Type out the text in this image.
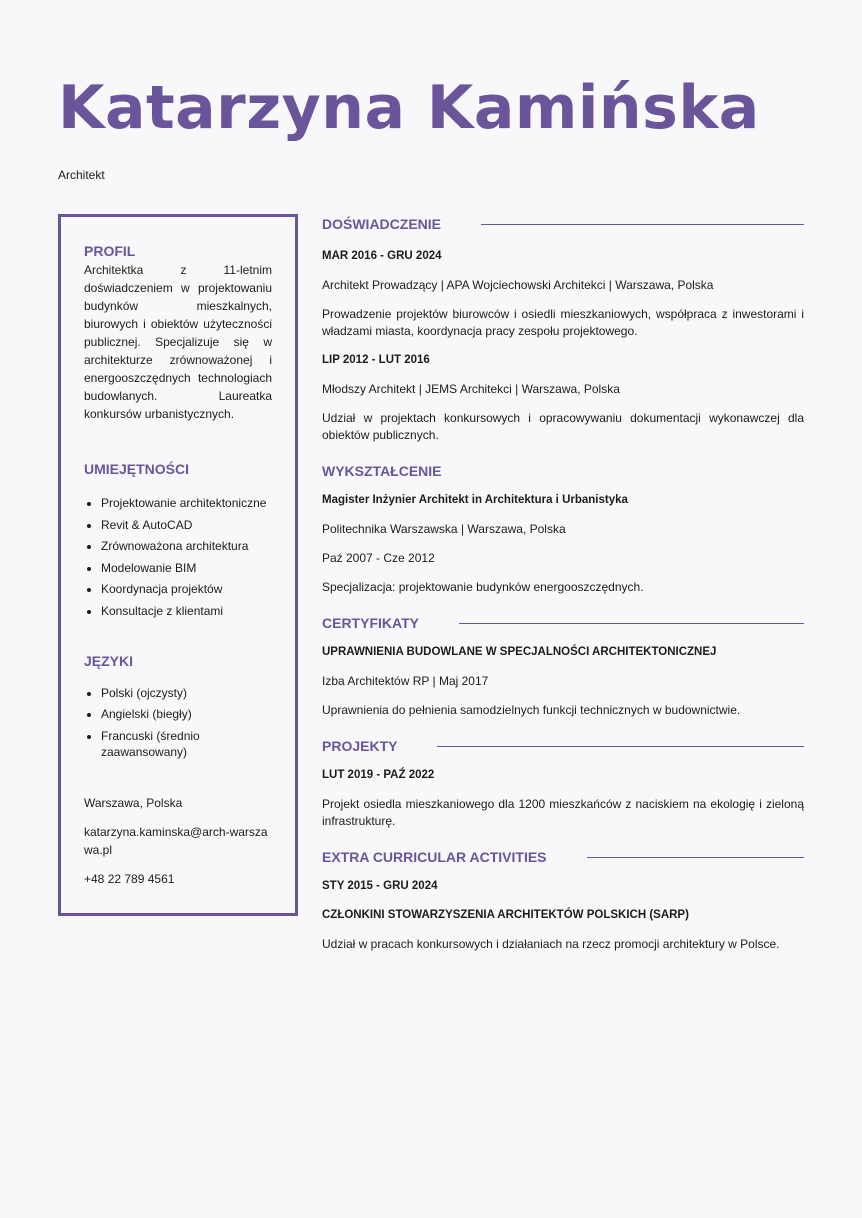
Katarzyna Kamińska

Architekt

PROFIL

Architektka z 11-letnim doświadczeniem w projektowaniu budynków mieszkalnych, biurowych i obiektów użyteczności publicznej. Specjalizuje się w architekturze zrównoważonej i energooszczędnych technologiach budowlanych. Laureatka konkursów urbanistycznych.

UMIEJĘTNOŚCI
• Projektowanie architektoniczne
• Revit & AutoCAD
• Zrównoważona architektura
• Modelowanie BIM
• Koordynacja projektów
• Konsultacje z klientami
JĘZYKI
• Polski (ojczysty)
• Angielski (biegły)
• Francuski (średnio zaawansowany)

Warszawa, Polska

katarzyna.kaminska@arch-warszawa.pl

+48 22 789 4561

DOŚWIADCZENIE

MAR 2016 - GRU 2024

Architekt Prowadzący | APA Wojciechowski Architekci | Warszawa, Polska

Prowadzenie projektów biurowców i osiedli mieszkaniowych, współpraca z inwestorami i władzami miasta, koordynacja pracy zespołu projektowego.

LIP 2012 - LUT 2016

Młodszy Architekt | JEMS Architekci | Warszawa, Polska

Udział w projektach konkursowych i opracowywaniu dokumentacji wykonawczej dla obiektów publicznych.

WYKSZTAŁCENIE

Magister Inżynier Architekt in Architektura i Urbanistyka

Politechnika Warszawska | Warszawa, Polska

Paź 2007 - Cze 2012

Specjalizacja: projektowanie budynków energooszczędnych.

CERTYFIKATY

UPRAWNIENIA BUDOWLANE W SPECJALNOŚCI ARCHITEKTONICZNEJ

Izba Architektów RP | Maj 2017

Uprawnienia do pełnienia samodzielnych funkcji technicznych w budownictwie.

PROJEKTY

LUT 2019 - PAŹ 2022

Projekt osiedla mieszkaniowego dla 1200 mieszkańców z naciskiem na ekologię i zieloną infrastrukturę.

EXTRA CURRICULAR ACTIVITIES

STY 2015 - GRU 2024

CZŁONKINI STOWARZYSZENIA ARCHITEKTÓW POLSKICH (SARP)

Udział w pracach konkursowych i działaniach na rzecz promocji architektury w Polsce.
